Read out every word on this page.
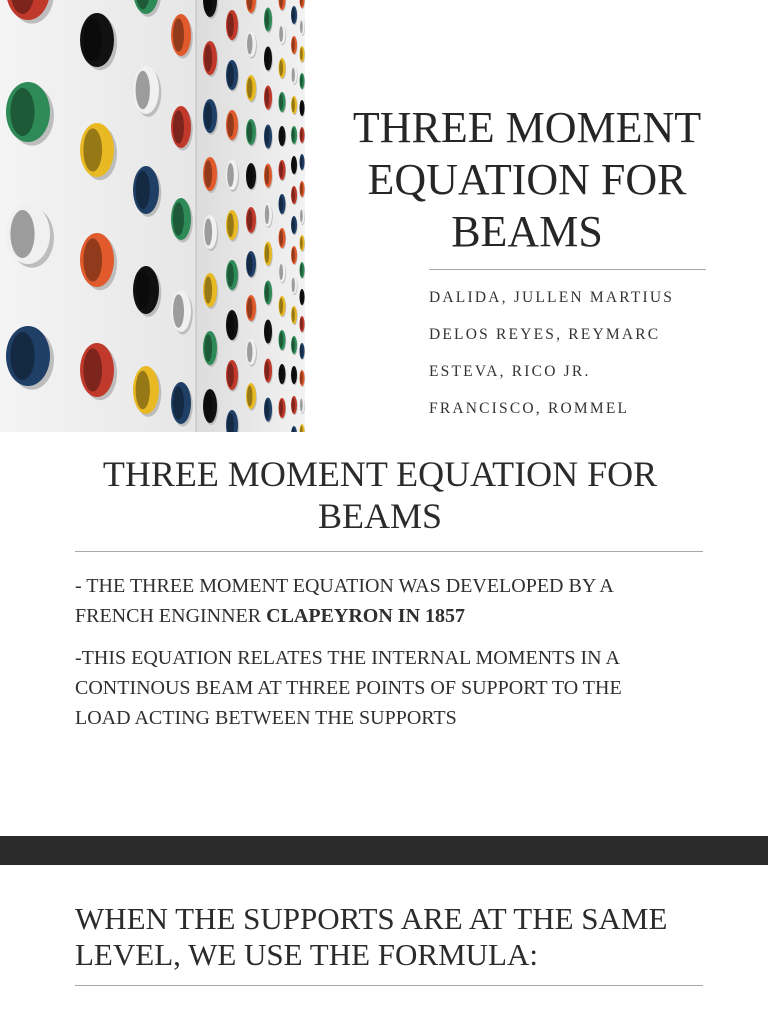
THREE MOMENT
EQUATION FOR
BEAMS
DALIDA, JULLEN MARTIUS
DELOS REYES, REYMARC
ESTEVA, RICO JR.
FRANCISCO, ROMMEL
THREE MOMENT EQUATION FOR
BEAMS

- THE THREE MOMENT EQUATION WAS DEVELOPED BY A
FRENCH ENGINNER CLAPEYRON IN 1857

-THIS EQUATION RELATES THE INTERNAL MOMENTS IN A
CONTINOUS BEAM AT THREE POINTS OF SUPPORT TO THE
LOAD ACTING BETWEEN THE SUPPORTS

WHEN THE SUPPORTS ARE AT THE SAME
LEVEL, WE USE THE FORMULA:
